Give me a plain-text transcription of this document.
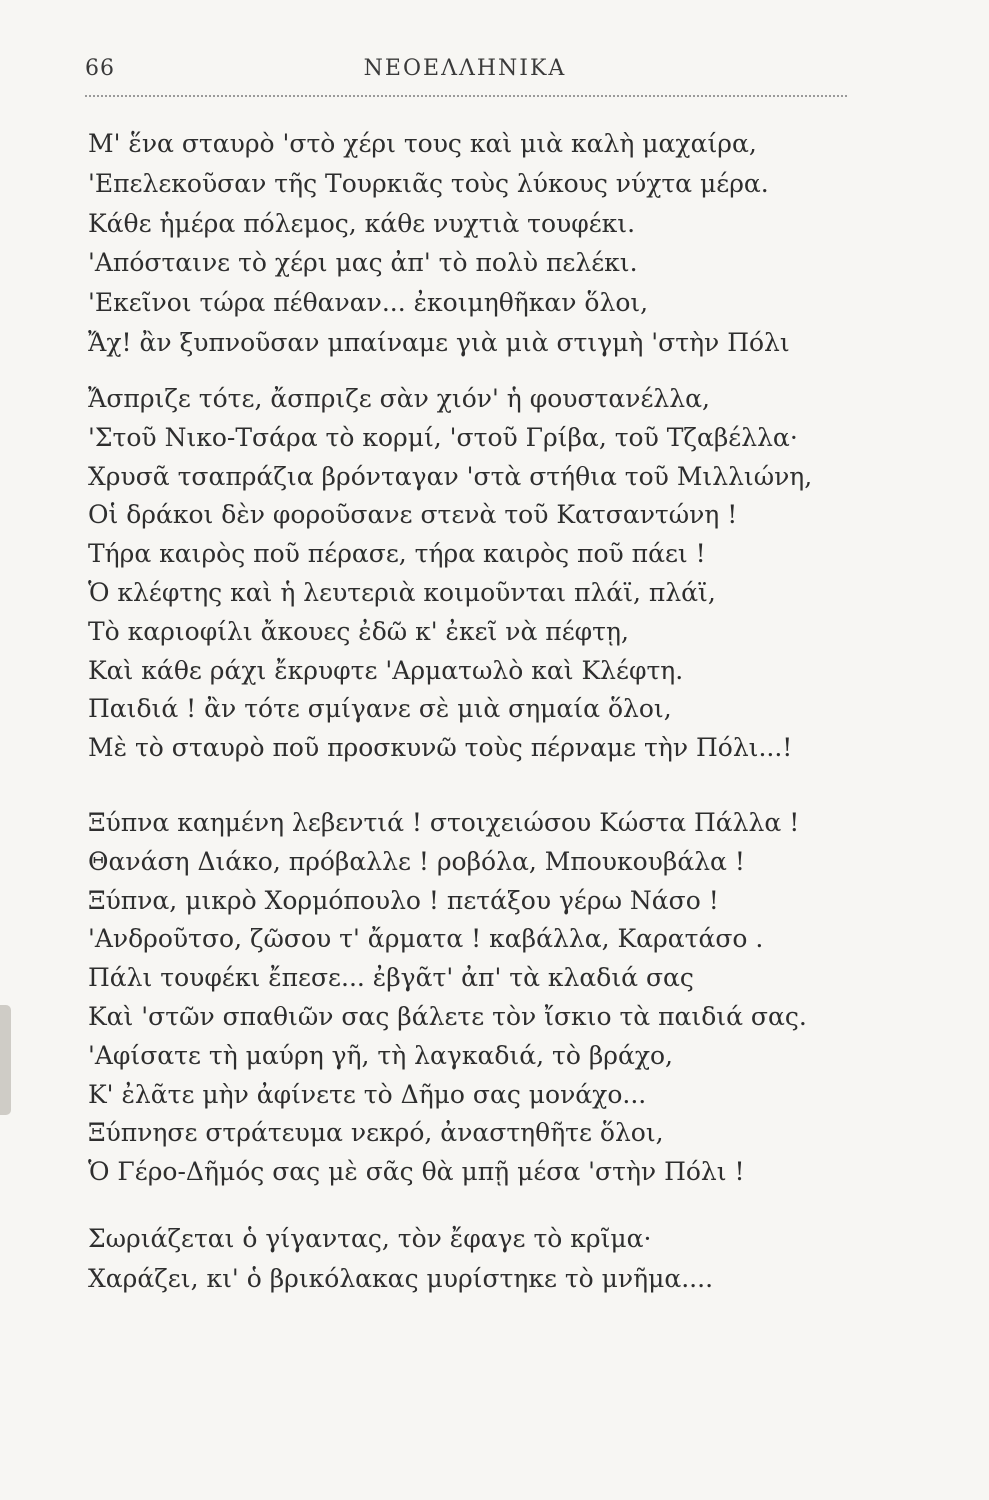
66	ΝΕΟΕΛΛΗΝΙΚΑ
Μ' ἕνα σταυρὸ 'στὸ χέρι τους καὶ μιὰ καλὴ μαχαίρα,
'Επελεκοῦσαν τῆς Τουρκιᾶς τοὺς λύκους νύχτα μέρα.
Κάθε ἡμέρα πόλεμος, κάθε νυχτιὰ τουφέκι.
'Απόσταινε τὸ χέρι μας ἀπ' τὸ πολὺ πελέκι.
'Εκεῖνοι τώρα πέθαναν... ἐκοιμηθῆκαν ὅλοι,
Ἄχ! ἂν ξυπνοῦσαν μπαίναμε γιὰ μιὰ στιγμὴ 'στὴν Πόλι
Ἄσπριζε τότε, ἄσπριζε σὰν χιόν' ἡ φουστανέλλα,
'Στοῦ Νικο-Τσάρα τὸ κορμί, 'στοῦ Γρίβα, τοῦ Τζαβέλλα·
Χρυσᾶ τσαπράζια βρόνταγαν 'στὰ στήθια τοῦ Μιλλιώνη,
Οἱ δράκοι δὲν φοροῦσανε στενὰ τοῦ Κατσαντώνη !
Τήρα καιρὸς ποῦ πέρασε, τήρα καιρὸς ποῦ πάει !
Ὁ κλέφτης καὶ ἡ λευτεριὰ κοιμοῦνται πλάϊ, πλάϊ,
Τὸ καριοφίλι ἄκουες ἐδῶ κ' ἐκεῖ νὰ πέφτῃ,
Καὶ κάθε ράχι ἔκρυφτε 'Αρματωλὸ καὶ Κλέφτη.
Παιδιά ! ἂν τότε σμίγανε σὲ μιὰ σημαία ὅλοι,
Μὲ τὸ σταυρὸ ποῦ προσκυνῶ τοὺς πέρναμε τὴν Πόλι...!
Ξύπνα καημένη λεβεντιά ! στοιχειώσου Κώστα Πάλλα !
Θανάση Διάκο, πρόβαλλε ! ροβόλα, Μπουκουβάλα !
Ξύπνα, μικρὸ Χορμόπουλο ! πετάξου γέρω Νάσο !
'Ανδροῦτσο, ζῶσου τ' ἄρματα ! καβάλλα, Καρατάσο .
Πάλι τουφέκι ἔπεσε... ἐβγᾶτ' ἀπ' τὰ κλαδιά σας
Καὶ 'στῶν σπαθιῶν σας βάλετε τὸν ἴσκιο τὰ παιδιά σας.
'Αφίσατε τὴ μαύρη γῆ, τὴ λαγκαδιά, τὸ βράχο,
Κ' ἐλᾶτε μὴν ἀφίνετε τὸ Δῆμο σας μονάχο...
Ξύπνησε στράτευμα νεκρό, ἀναστηθῆτε ὅλοι,
Ὁ Γέρο-Δῆμός σας μὲ σᾶς θὰ μπῇ μέσα 'στὴν Πόλι !
Σωριάζεται ὁ γίγαντας, τὸν ἔφαγε τὸ κρῖμα·
Χαράζει, κι' ὁ βρικόλακας μυρίστηκε τὸ μνῆμα....
